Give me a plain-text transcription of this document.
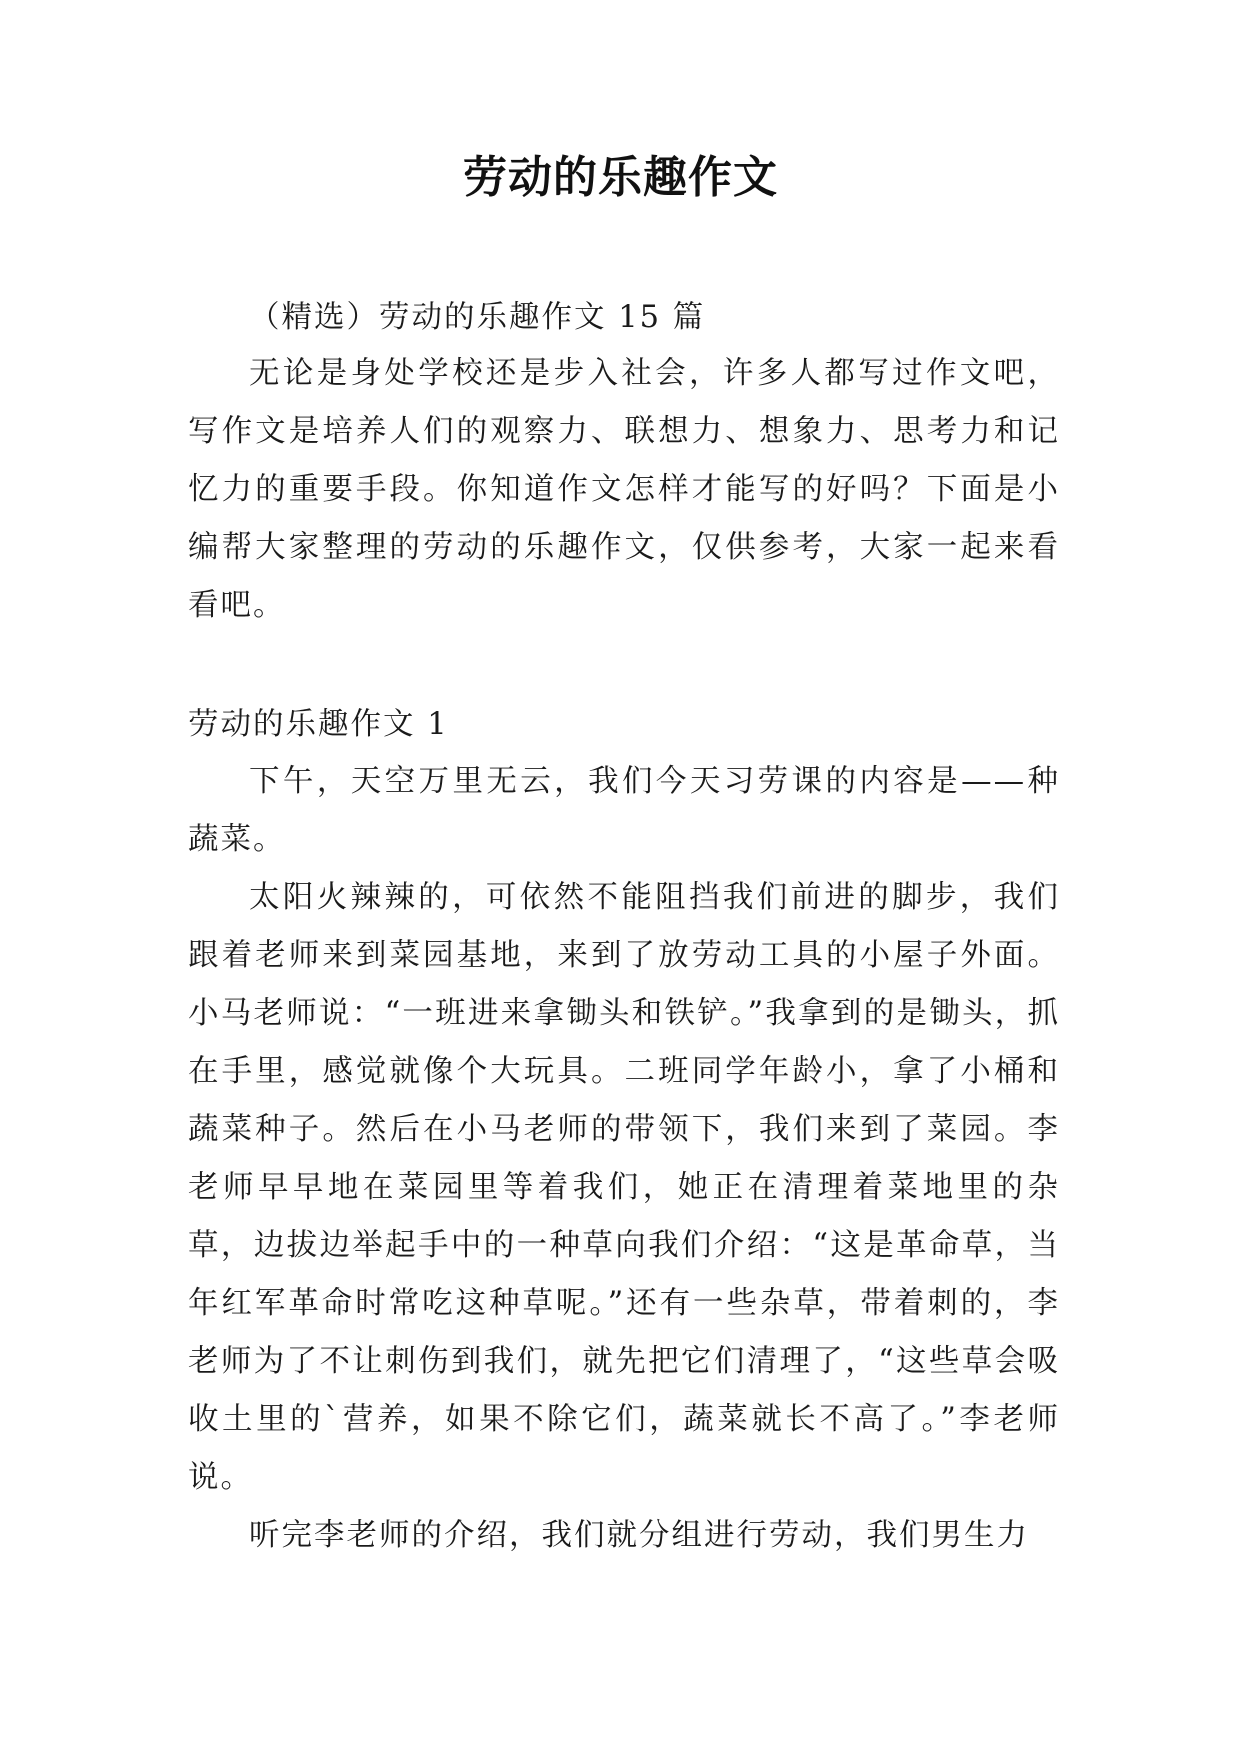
劳动的乐趣作文

（精选）劳动的乐趣作文 15 篇

无论是身处学校还是步入社会，许多人都写过作文吧，写作文是培养人们的观察力、联想力、想象力、思考力和记忆力的重要手段。你知道作文怎样才能写的好吗？下面是小编帮大家整理的劳动的乐趣作文，仅供参考，大家一起来看看吧。

劳动的乐趣作文 1

下午，天空万里无云，我们今天习劳课的内容是——种蔬菜。

太阳火辣辣的，可依然不能阻挡我们前进的脚步，我们跟着老师来到菜园基地，来到了放劳动工具的小屋子外面。小马老师说：“一班进来拿锄头和铁铲。”我拿到的是锄头，抓在手里，感觉就像个大玩具。二班同学年龄小，拿了小桶和蔬菜种子。然后在小马老师的带领下，我们来到了菜园。李老师早早地在菜园里等着我们，她正在清理着菜地里的杂草，边拔边举起手中的一种草向我们介绍：“这是革命草，当年红军革命时常吃这种草呢。”还有一些杂草，带着刺的，李老师为了不让刺伤到我们，就先把它们清理了，“这些草会吸收土里的`营养，如果不除它们，蔬菜就长不高了。”李老师说。

听完李老师的介绍，我们就分组进行劳动，我们男生力
